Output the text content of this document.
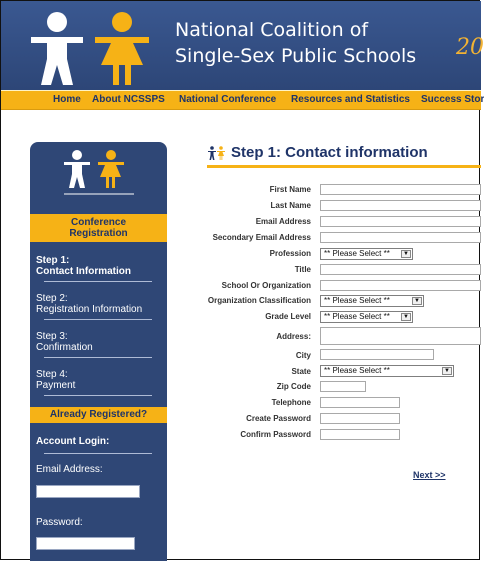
National Coalition of
Single-Sex Public Schools 20
Home About NCSSPS National Conference Resources and Statistics Success Stor
Conference
Registration
Step 1:
Contact Information
Step 2:
Registration Information
Step 3:
Confirmation
Step 4:
Payment
Already Registered?
Account Login:
Email Address:
Password:
Step 1: Contact information
First Name
Last Name
Email Address
Secondary Email Address
Profession	** Please Select **	▼
Title
School Or Organization
Organization Classification	** Please Select **	▼
Grade Level	** Please Select **	▼
Address:
City
State	** Please Select **	▼
Zip Code
Telephone
Create Password
Confirm Password
Next >>
